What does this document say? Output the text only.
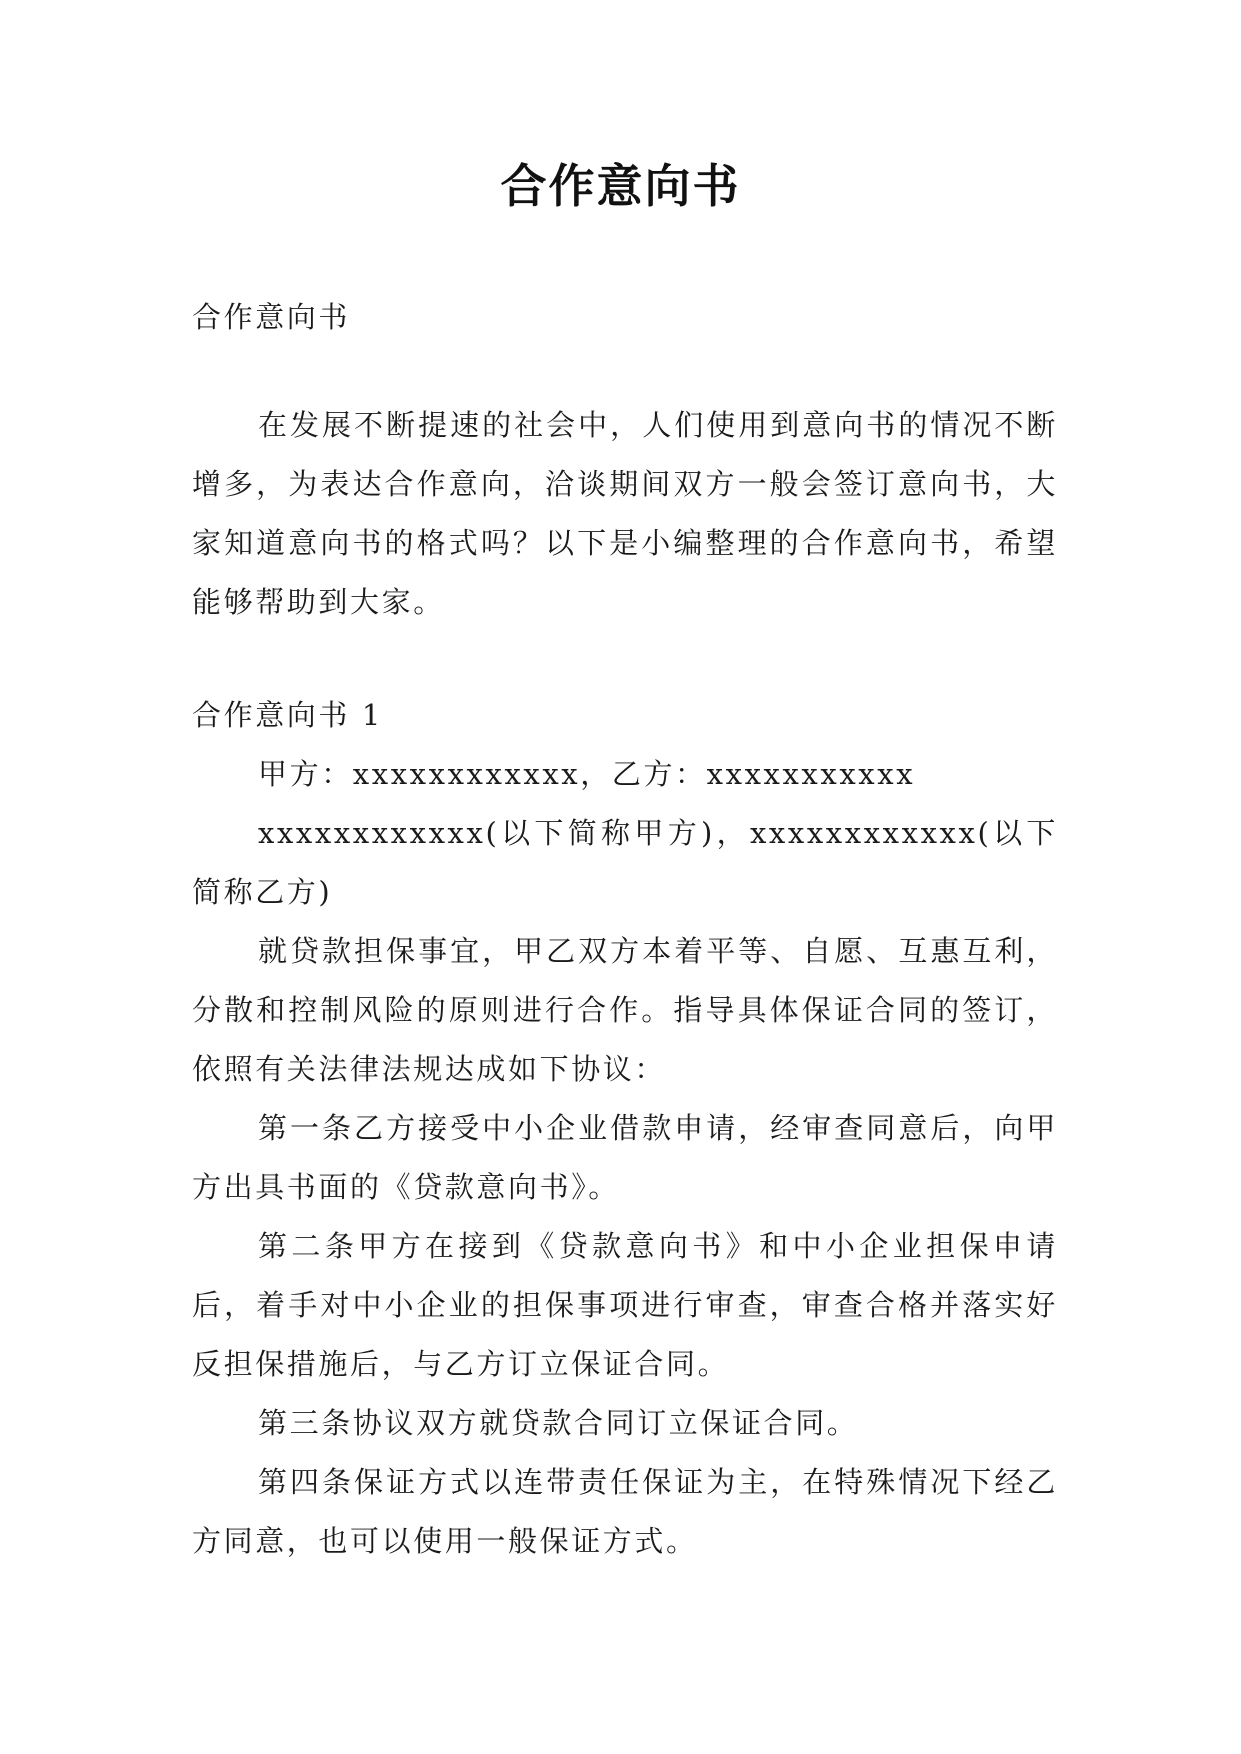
合作意向书

合作意向书

在发展不断提速的社会中，人们使用到意向书的情况不断增多，为表达合作意向，洽谈期间双方一般会签订意向书，大家知道意向书的格式吗？以下是小编整理的合作意向书，希望能够帮助到大家。

合作意向书 1

甲方：xxxxxxxxxxxx，乙方：xxxxxxxxxxx

xxxxxxxxxxxx(以下简称甲方)，xxxxxxxxxxxx(以下简称乙方)

就贷款担保事宜，甲乙双方本着平等、自愿、互惠互利，分散和控制风险的原则进行合作。指导具体保证合同的签订，依照有关法律法规达成如下协议：

第一条乙方接受中小企业借款申请，经审查同意后，向甲方出具书面的《贷款意向书》。

第二条甲方在接到《贷款意向书》和中小企业担保申请后，着手对中小企业的担保事项进行审查，审查合格并落实好反担保措施后，与乙方订立保证合同。

第三条协议双方就贷款合同订立保证合同。

第四条保证方式以连带责任保证为主，在特殊情况下经乙方同意，也可以使用一般保证方式。
